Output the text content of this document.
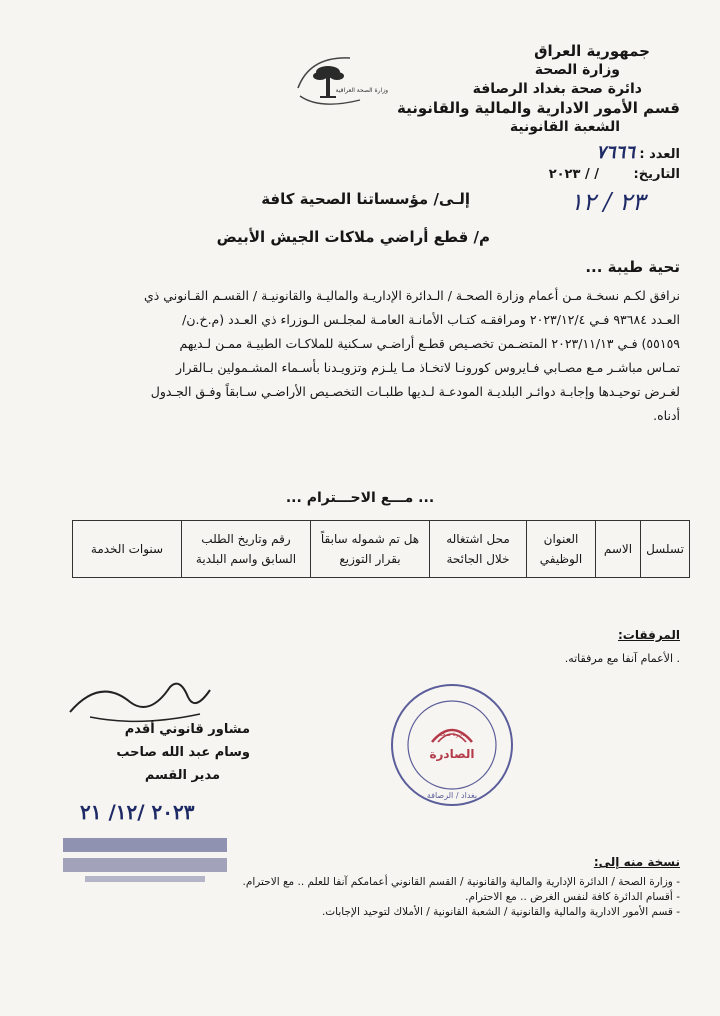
جمهورية العراق
وزارة الصحة
دائرة صحة بغداد الرصافة
قسم الأمور الادارية والمالية والقانونية
الشعبة القانونية
العدد : ٧٦٦٦
التاريخ: / / ٢٠٢٣
٢٣ / ١٢
وزارة الصحة العراقية
إلـى/ مؤسساتنا الصحية كافة
م/ قطع أراضي ملاكات الجيش الأبيض
تحية طيبة ...
نرافق لكـم نسخـة مـن أعمام وزارة الصحـة / الـدائرة الإداريـة والماليـة والقانونيـة / القسـم القـانوني ذي
العـدد ٩٣٦٨٤ فـي ٢٠٢٣/١٢/٤ ومرافقـه كتـاب الأمانـة العامـة لمجلـس الـوزراء ذي العـدد (م.خ.ن/
٥٥١٥٩) فـي ٢٠٢٣/١١/١٣ المتضـمن تخصـيص قطـع أراضـي سـكنية للملاكـات الطبيـة ممـن لـديهم
تمـاس مباشـر مـع مصـابي فـايروس كورونـا لاتخـاذ مـا يلـزم وتزويـدنا بأسـماء المشـمولين بـالقرار
لغـرض توحيـدها وإجابـة دوائـر البلديـة المودعـة لـديها طلبـات التخصـيص الأراضـي سـابقاً وفـق الجـدول
أدناه.
... مـــع الاحـــترام ...
تسلسل	الاسم	العنوان الوظيفي	محل اشتغاله خلال الجائحة	هل تم شموله سابقاً بقرار التوزيع	رقم وتاريخ الطلب السابق واسم البلدية	سنوات الخدمة
المرفقات:
. الأعمام آنفا مع مرفقاته.
الصادرة
دائرة صحة
بغداد / الرصافة
مشاور قانوني أقدم
وسام عبد الله صاحب
مدير القسم
٢٠٢٣ /١٢/ ٢١
نسخة منه إلى:
- وزارة الصحة / الدائرة الإدارية والمالية والقانونية / القسم القانوني أعمامكم آنفا للعلم .. مع الاحترام.
- أقسام الدائرة كافة لنفس الغرض .. مع الاحترام.
- قسم الأمور الادارية والمالية والقانونية / الشعبة القانونية / الأملاك لتوحيد الإجابات.
